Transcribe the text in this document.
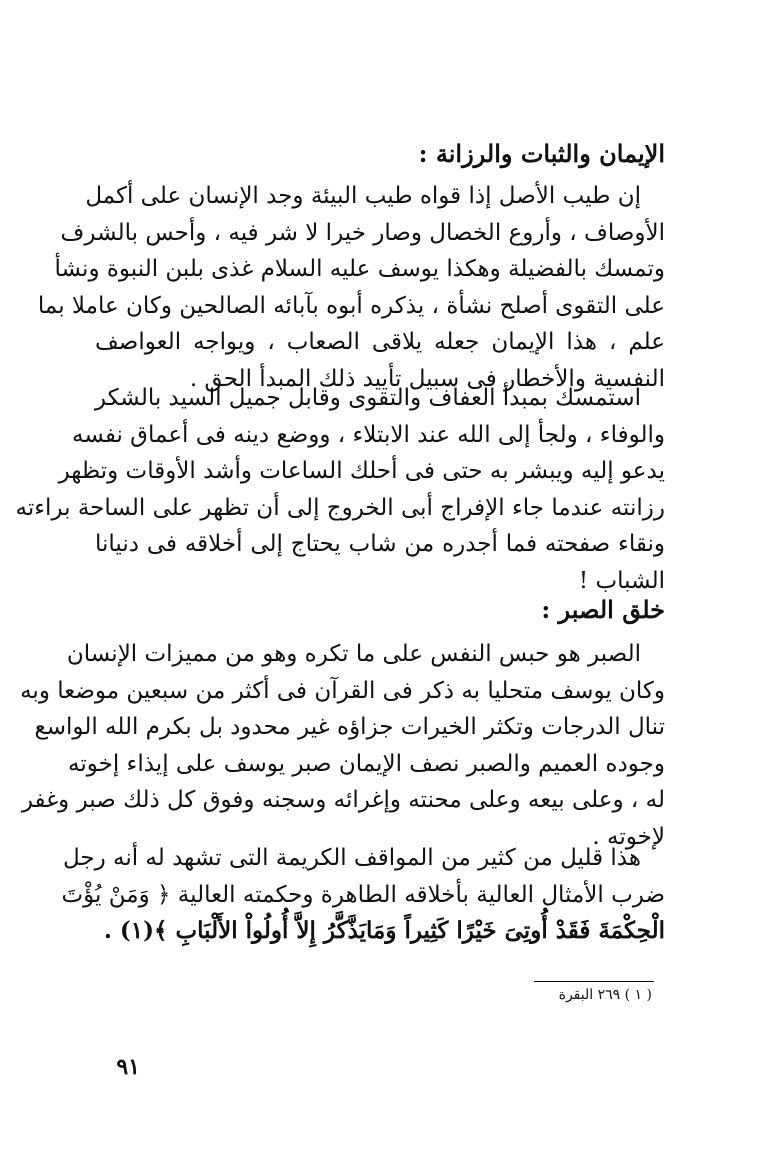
الإيمان والثبات والرزانة :
إن طيب الأصل إذا قواه طيب البيئة وجد الإنسان على أكمل
الأوصاف ، وأروع الخصال وصار خيرا لا شر فيه ، وأحس بالشرف
وتمسك بالفضيلة وهكذا يوسف عليه السلام غذى بلبن النبوة ونشأ
على التقوى أصلح نشأة ، يذكره أبوه بآبائه الصالحين وكان عاملا بما
علم ، هذا الإيمان جعله يلاقى الصعاب ، ويواجه العواصف
النفسية والأخطار فى سبيل تأييد ذلك المبدأ الحق .
استمسك بمبدأ العفاف والتقوى وقابل جميل السيد بالشكر
والوفاء ، ولجأ إلى الله عند الابتلاء ، ووضع دينه فى أعماق نفسه
يدعو إليه ويبشر به حتى فى أحلك الساعات وأشد الأوقات وتظهر
رزانته عندما جاء الإفراج أبى الخروج إلى أن تظهر على الساحة براءته
ونقاء صفحته فما أجدره من شاب يحتاج إلى أخلاقه فى دنيانا
الشباب !
خلق الصبر :
الصبر هو حبس النفس على ما تكره وهو من مميزات الإنسان
وكان يوسف متحليا به ذكر فى القرآن فى أكثر من سبعين موضعا وبه
تنال الدرجات وتكثر الخيرات جزاؤه غير محدود بل بكرم الله الواسع
وجوده العميم والصبر نصف الإيمان صبر يوسف على إيذاء إخوته
له ، وعلى بيعه وعلى محنته وإغرائه وسجنه وفوق كل ذلك صبر وغفر
لإخوته .
هذا قليل من كثير من المواقف الكريمة التى تشهد له أنه رجل
ضرب الأمثال العالية بأخلاقه الطاهرة وحكمته العالية ﴿ وَمَنْ يُؤْتَ
الْحِكْمَةَ فَقَدْ أُوتِىَ خَيْرًا كَثِيراً وَمَايَذَّكَّرُ إِلاَّ أُولُواْ الأَلْبَابِ ﴾(١) .
( ١ ) ٢٦٩ البقرة
٩١
